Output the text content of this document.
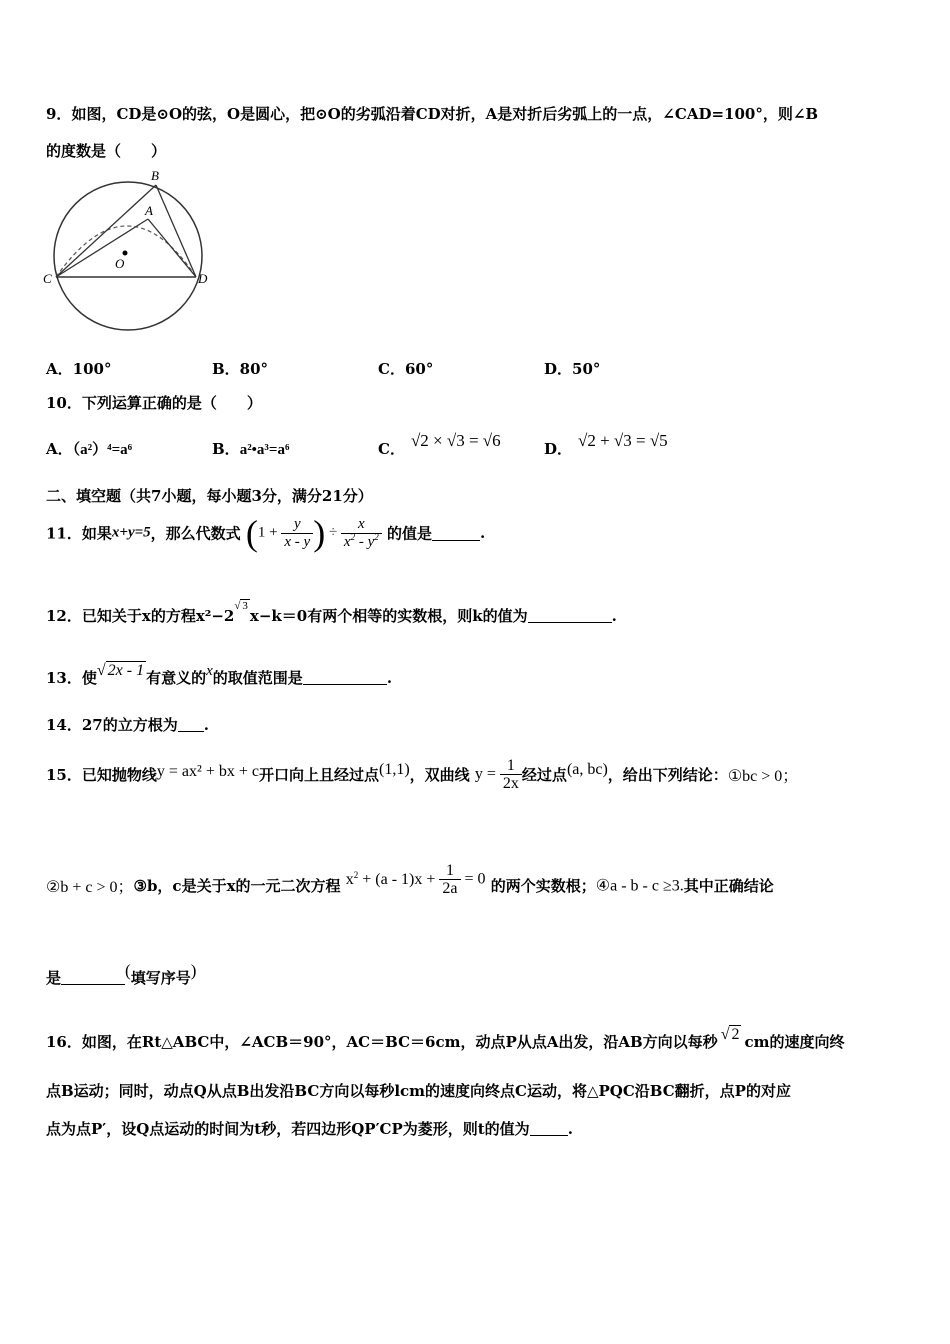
9．如图，CD是⊙O的弦，O是圆心，把⊙O的劣弧沿着CD对折，A是对折后劣弧上的一点，∠CAD=100°，则∠B
的度数是（　　）
B
A
O
C	D
A．100°	B．80°	C．60°	D．50°
10．下列运算正确的是（　　）
A．（a²）⁴=a⁶	B．a²•a³=a⁶	C． √2 × √3 = √6	D． √2 + √3 = √5
二、填空题（共7小题，每小题3分，满分21分）
11．如果x+y=5，那么代数式 ($1 + \frac{y}{x - y}$ ) ÷ $\frac{x}{x^2 - y^2}$ 的值是	.
12．已知关于x的方程x²−2√ 3x−k＝0有两个相等的实数根，则k的值为	.
13．使√ 2x - 1 有意义的x的取值范围是	.
14．27的立方根为 .
15．已知抛物线y = ax² + bx + c开口向上且经过点(1,1)，双曲线 $y = \frac{1}{2x}$ 经过点(a, bc)，给出下列结论：①bc > 0；
②b + c > 0；③b，c是关于x的一元二次方程 $x^2 + (a - 1)x + \frac{1}{2a} = 0$ 的两个实数根；④a - b - c ≥3.其中正确结论
是	(填写序号)
16．如图，在Rt△ABC中，∠ACB＝90°，AC＝BC＝6cm，动点P从点A出发，沿AB方向以每秒 √ 2 cm的速度向终
点B运动；同时，动点Q从点B出发沿BC方向以每秒lcm的速度向终点C运动，将△PQC沿BC翻折，点P的对应
点为点P′，设Q点运动的时间为t秒，若四边形QP′CP为菱形，则t的值为	.
